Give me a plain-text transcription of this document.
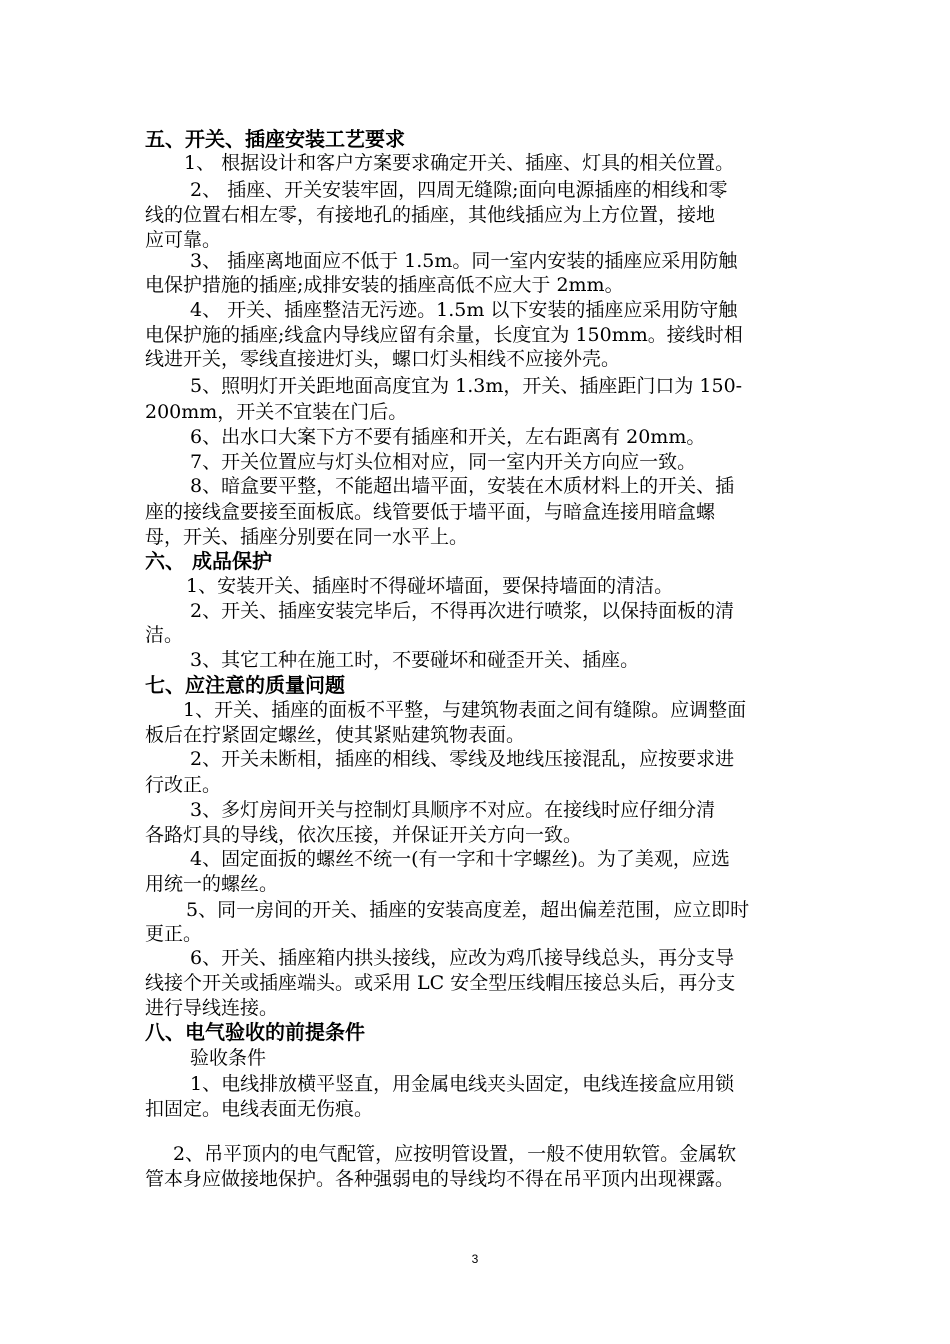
五、开关、插座安装工艺要求
1、 根据设计和客户方案要求确定开关、插座、灯具的相关位置。
2、 插座、开关安装牢固，四周无缝隙;面向电源插座的相线和零
线的位置右相左零，有接地孔的插座，其他线插应为上方位置，接地
应可靠。
3、 插座离地面应不低于 1.5m。同一室内安装的插座应采用防触
电保护措施的插座;成排安装的插座高低不应大于 2mm。
4、 开关、插座整洁无污迹。1.5m 以下安装的插座应采用防守触
电保护施的插座;线盒内导线应留有余量，长度宜为 150mm。接线时相
线进开关，零线直接进灯头，螺口灯头相线不应接外壳。
5、照明灯开关距地面高度宜为 1.3m，开关、插座距门口为 150-
200mm，开关不宜装在门后。
6、出水口大案下方不要有插座和开关，左右距离有 20mm。
7、开关位置应与灯头位相对应，同一室内开关方向应一致。
8、暗盒要平整，不能超出墙平面，安装在木质材料上的开关、插
座的接线盒要接至面板底。线管要低于墙平面，与暗盒连接用暗盒螺
母，开关、插座分别要在同一水平上。
六、 成品保护
1、安装开关、插座时不得碰坏墙面，要保持墙面的清洁。
2、开关、插座安装完毕后，不得再次进行喷浆，以保持面板的清
洁。
3、其它工种在施工时，不要碰坏和碰歪开关、插座。
七、应注意的质量问题
1、开关、插座的面板不平整，与建筑物表面之间有缝隙。应调整面
板后在拧紧固定螺丝，使其紧贴建筑物表面。
2、开关未断相，插座的相线、零线及地线压接混乱，应按要求进
行改正。
3、多灯房间开关与控制灯具顺序不对应。在接线时应仔细分清
各路灯具的导线，依次压接，并保证开关方向一致。
4、固定面扳的螺丝不统一(有一字和十字螺丝)。为了美观，应选
用统一的螺丝。
5、同一房间的开关、插座的安装高度差，超出偏差范围，应立即时
更正。
6、开关、插座箱内拱头接线，应改为鸡爪接导线总头，再分支导
线接个开关或插座端头。或采用 LC 安全型压线帽压接总头后，再分支
进行导线连接。
八、电气验收的前提条件
验收条件
1、电线排放横平竖直，用金属电线夹头固定，电线连接盒应用锁
扣固定。电线表面无伤痕。
2、吊平顶内的电气配管，应按明管设置，一般不使用软管。金属软
管本身应做接地保护。各种强弱电的导线均不得在吊平顶内出现裸露。
3
